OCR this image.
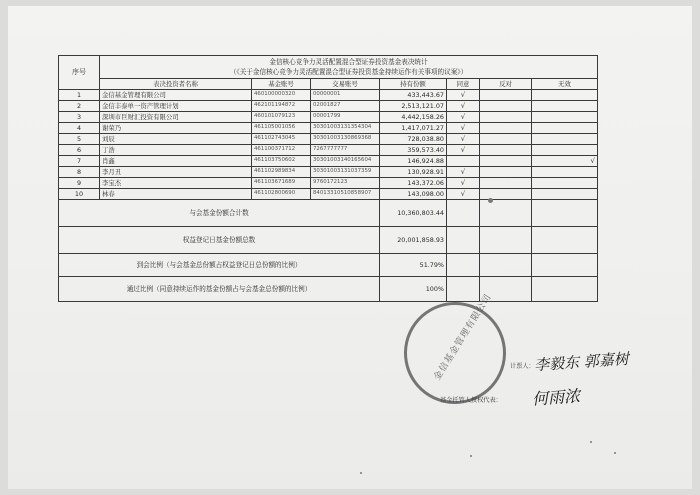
序号	金信核心竞争力灵活配置混合型证券投资基金表决统计
（《关于金信核心竞争力灵活配置混合型证券投资基金持续运作有关事项的议案》）						

	表决投资者名称	基金账号	交易账号	持有份额	同意	反对	无效
1	金信基金管理有限公司	460100000320	00000001	433,443.67	√		
2	金信丰泰单一资产管理计划	462101194872	02001827	2,513,121.07	√		
3	深圳市巨财汇投资有限公司	460101079123	00001799	4,442,158.26	√		
4	谢荣乃	461105001056	30301003131354304	1,417,071.27	√		
5	刘辰	461102743045	30301003130869368	728,038.80	√		
6	丁浩	461100371712	7267777777	359,573.40	√		
7	肖鑫	461103750602	30301003140165604	146,924.88			√
8	李月丑	461102989834	30301003131037359	130,928.91	√		
9	李宝杰	461103671689	9760172123	143,372.06	√		
10	林春	461102800690	84013310510858907	143,098.00	√		
与会基金份额合计数				10,360,803.44			
权益登记日基金份额总数				20,001,858.93			
到会比例（与会基金总份额占权益登记日总份额的比例）				51.79%			
通过比例（同意持续运作的基金份额占与会基金总份额的比例）				100%			
金信基金管理有限公司	计票人：
李毅东 郭嘉树
基金托管人授权代表： 何雨浓
